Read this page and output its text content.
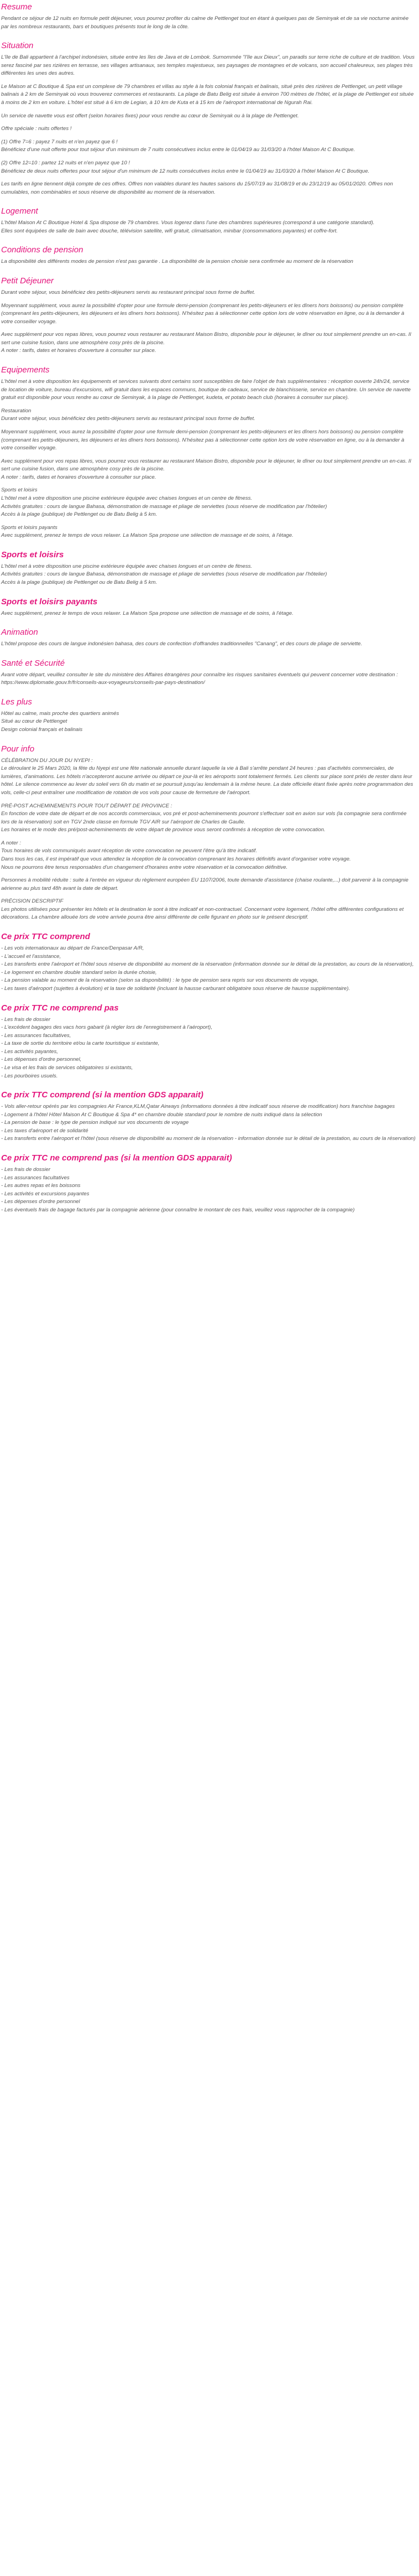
Resume
Pendant ce séjour de 12 nuits en formule petit déjeuner, vous pourrez profiter du calme de Pettlenget tout en étant à quelques pas de Seminyak et de sa vie nocturne animée par les nombreux restaurants, bars et boutiques présents tout le long de la côte.
Situation
L'île de Bali appartient à l'archipel indonésien, située entre les îles de Java et de Lombok. Surnommée "l'île aux Dieux", un paradis sur terre riche de culture et de tradition. Vous serez fasciné par ses rizières en terrasse, ses villages artisanaux, ses temples majestueux, ses paysages de montagnes et de volcans, son accueil chaleureux, ses plages très différentes les unes des autres.
Le Maison at C Boutique & Spa est un complexe de 79 chambres et villas au style à la fois colonial français et balinais, situé près des rizières de Pettlenget, un petit village balinais à 2 km de Seminyak où vous trouverez commerces et restaurants. La plage de Batu Belig est située à environ 700 mètres de l'hôtel, et la plage de Pettlenget est située à moins de 2 km en voiture. L'hôtel est situé à 6 km de Legian, à 10 km de Kuta et à 15 km de l'aéroport international de Ngurah Rai.
Un service de navette vous est offert (selon horaires fixes) pour vous rendre au cœur de Seminyak ou à la plage de Pettlenget.
Offre spéciale : nuits offertes !
(1) Offre 7=6 : payez 7 nuits et n'en payez que 6 !
Bénéficiez d'une nuit offerte pour tout séjour d'un minimum de 7 nuits consécutives inclus entre le 01/04/19 au 31/03/20 à l'hôtel Maison At C Boutique.
(2) Offre 12=10 : partez 12 nuits et n'en payez que 10 !
Bénéficiez de deux nuits offertes pour tout séjour d'un minimum de 12 nuits consécutives inclus entre le 01/04/19 au 31/03/20 à l'hôtel Maison At C Boutique.
Les tarifs en ligne tiennent déjà compte de ces offres. Offres non valables durant les hautes saisons du 15/07/19 au 31/08/19 et du 23/12/19 au 05/01/2020. Offres non cumulables, non combinables et sous réserve de disponibilité au moment de la réservation.
Logement
L'hôtel Maison At C Boutique Hotel & Spa dispose de 79 chambres. Vous logerez dans l'une des chambres supérieures (correspond à une catégorie standard).
Elles sont équipées de salle de bain avec douche, télévision satellite, wifi gratuit, climatisation, minibar (consommations payantes) et coffre-fort.
Conditions de pension
La disponibilité des différents modes de pension n'est pas garantie . La disponibilité de la pension choisie sera confirmée au moment de la réservation
Petit Déjeuner
Durant votre séjour, vous bénéficiez des petits-déjeuners servis au restaurant principal sous forme de buffet.
Moyennant supplément, vous aurez la possibilité d'opter pour une formule demi-pension (comprenant les petits-déjeuners et les dîners hors boissons) ou pension complète (comprenant les petits-déjeuners, les déjeuners et les dîners hors boissons). N'hésitez pas à sélectionner cette option lors de votre réservation en ligne, ou à la demander à votre conseiller voyage.
Avec supplément pour vos repas libres, vous pourrez vous restaurer au restaurant Maison Bistro, disponible pour le déjeuner, le dîner ou tout simplement prendre un en-cas. Il sert une cuisine fusion, dans une atmosphère cosy près de la piscine.
A noter : tarifs, dates et horaires d'ouverture à consulter sur place.
Equipements
L'hôtel met à votre disposition les équipements et services suivants dont certains sont susceptibles de faire l'objet de frais supplémentaires : réception ouverte 24h/24, service de location de voiture, bureau d'excursions, wifi gratuit dans les espaces communs, boutique de cadeaux, service de blanchisserie, service en chambre. Un service de navette gratuit est disponible pour vous rendre au cœur de Seminyak, à la plage de Pettlenget, kudeta, et potato beach club (horaires à consulter sur place).
Restauration
Durant votre séjour, vous bénéficiez des petits-déjeuners servis au restaurant principal sous forme de buffet.
Moyennant supplément, vous aurez la possibilité d'opter pour une formule demi-pension (comprenant les petits-déjeuners et les dîners hors boissons) ou pension complète (comprenant les petits-déjeuners, les déjeuners et les dîners hors boissons). N'hésitez pas à sélectionner cette option lors de votre réservation en ligne, ou à la demander à votre conseiller voyage.
Avec supplément pour vos repas libres, vous pourrez vous restaurer au restaurant Maison Bistro, disponible pour le déjeuner, le dîner ou tout simplement prendre un en-cas. Il sert une cuisine fusion, dans une atmosphère cosy près de la piscine.
A noter : tarifs, dates et horaires d'ouverture à consulter sur place.
Sports et loisirs
L'hôtel met à votre disposition une piscine extérieure équipée avec chaises longues et un centre de fitness.
Activités gratuites : cours de langue Bahasa, démonstration de massage et pliage de serviettes (sous réserve de modification par l'hôtelier)
Accès à la plage (publique) de Pettlenget ou de Batu Belig à 5 km.
Sports et loisirs payants
Avec supplément, prenez le temps de vous relaxer. La Maison Spa propose une sélection de massage et de soins, à l'étage.
Sports et loisirs
L'hôtel met à votre disposition une piscine extérieure équipée avec chaises longues et un centre de fitness.
Activités gratuites : cours de langue Bahasa, démonstration de massage et pliage de serviettes (sous réserve de modification par l'hôtelier)
Accès à la plage (publique) de Pettlenget ou de Batu Belig à 5 km.
Sports et loisirs payants
Avec supplément, prenez le temps de vous relaxer. La Maison Spa propose une sélection de massage et de soins, à l'étage.
Animation
L'hôtel propose des cours de langue indonésien bahasa, des cours de confection d'offrandes traditionnelles "Canang", et des cours de pliage de serviette.
Santé et Sécurité
Avant votre départ, veuillez consulter le site du ministère des Affaires étrangères pour connaître les risques sanitaires éventuels qui peuvent concerner votre destination : https://www.diplomatie.gouv.fr/fr/conseils-aux-voyageurs/conseils-par-pays-destination/
Les plus
Hôtel au calme, mais proche des quartiers animés
Situé au cœur de Pettlenget
Design colonial français et balinais
Pour info
CÉLÉBRATION DU JOUR DU NYEPI :
Le déroulant le 25 Mars 2020, la fête du Nyepi est une fête nationale annuelle durant laquelle la vie à Bali s'arrête pendant 24 heures : pas d'activités commerciales, de lumières, d'animations. Les hôtels n'accepteront aucune arrivée ou départ ce jour-là et les aéroports sont totalement fermés. Les clients sur place sont priés de rester dans leur hôtel. Le silence commence au lever du soleil vers 6h du matin et se poursuit jusqu'au lendemain à la même heure. La date officielle étant fixée après notre programmation des vols, celle-ci peut entraîner une modification de rotation de vos vols pour cause de fermeture de l'aéroport.
PRÉ-POST ACHEMINEMENTS POUR TOUT DÉPART DE PROVINCE :
En fonction de votre date de départ et de nos accords commerciaux, vos pré et post-acheminements pourront s'effectuer soit en avion sur vols (la compagnie sera confirmée lors de la réservation) soit en TGV 2nde classe en formule TGV AIR sur l'aéroport de Charles de Gaulle.
Les horaires et le mode des pré/post-acheminements de votre départ de province vous seront confirmés à réception de votre convocation.
A noter :
Tous horaires de vols communiqués avant réception de votre convocation ne peuvent l'être qu'à titre indicatif.
Dans tous les cas, il est impératif que vous attendiez la réception de la convocation comprenant les horaires définitifs avant d'organiser votre voyage.
Nous ne pourrons être tenus responsables d'un changement d'horaires entre votre réservation et la convocation définitive.
Personnes à mobilité réduite : suite à l'entrée en vigueur du règlement européen EU 1107/2006, toute demande d'assistance (chaise roulante,...) doit parvenir à la compagnie aérienne au plus tard 48h avant la date de départ.
PRÉCISION DESCRIPTIF
Les photos utilisées pour présenter les hôtels et la destination le sont à titre indicatif et non-contractuel. Concernant votre logement, l'hôtel offre différentes configurations et décorations. La chambre allouée lors de votre arrivée pourra être ainsi différente de celle figurant en photo sur le présent descriptif.
Ce prix TTC comprend
- Les vols internationaux au départ de France/Denpasar A/R,
- L'accueil et l'assistance,
- Les transferts entre l'aéroport et l'hôtel sous réserve de disponibilité au moment de la réservation (information donnée sur le détail de la prestation, au cours de la réservation),
- Le logement en chambre double standard selon la durée choisie,
- La pension valable au moment de la réservation (selon sa disponibilité) : le type de pension sera repris sur vos documents de voyage,
- Les taxes d'aéroport (sujettes à évolution) et la taxe de solidarité (incluant la hausse carburant obligatoire sous réserve de hausse supplémentaire).
Ce prix TTC ne comprend pas
- Les frais de dossier
- L'excédent bagages des vacs hors gabarit (à régler lors de l'enregistrement à l'aéroport),
- Les assurances facultatives,
- La taxe de sortie du territoire et/ou la carte touristique si existante,
- Les activités payantes,
- Les dépenses d'ordre personnel,
- Le visa et les frais de services obligatoires si existants,
- Les pourboires usuels.
Ce prix TTC comprend (si la mention GDS apparait)
- Vols aller-retour opérés par les compagnies Air France,KLM,Qatar Airways (informations données à titre indicatif sous réserve de modification) hors franchise bagages
- Logement à l'hôtel Hôtel Maison At C Boutique & Spa 4* en chambre double standard pour le nombre de nuits indiqué dans la sélection
- La pension de base : le type de pension indiqué sur vos documents de voyage
- Les taxes d'aéroport et de solidarité
- Les transferts entre l'aéroport et l'hôtel (sous réserve de disponibilité au moment de la réservation - information donnée sur le détail de la prestation, au cours de la réservation)
Ce prix TTC ne comprend pas (si la mention GDS apparait)
- Les frais de dossier
- Les assurances facultatives
- Les autres repas et les boissons
- Les activités et excursions payantes
- Les dépenses d'ordre personnel
- Les éventuels frais de bagage facturés par la compagnie aérienne (pour connaître le montant de ces frais, veuillez vous rapprocher de la compagnie)
